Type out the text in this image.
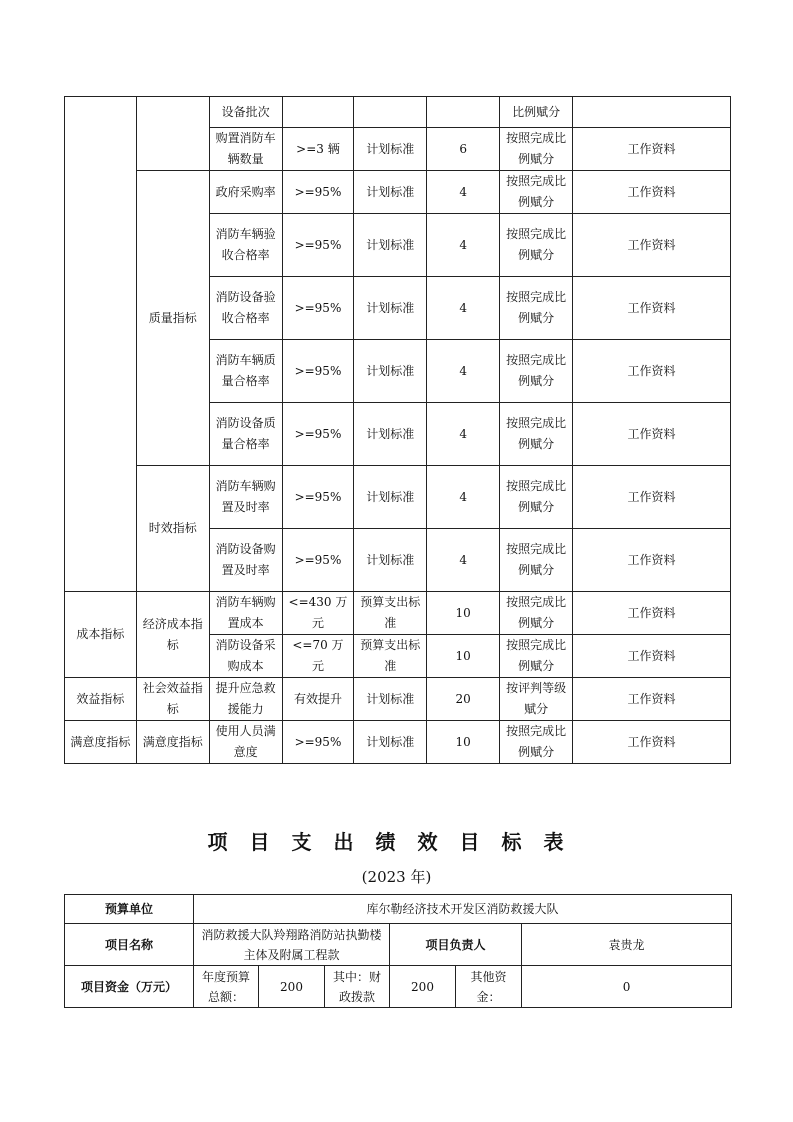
		设备批次				比例赋分	
		购置消防车辆数量	>=3 辆	计划标准	6	按照完成比例赋分	工作资料
	质量指标	政府采购率	>=95%	计划标准	4	按照完成比例赋分	工作资料
		消防车辆验收合格率	>=95%	计划标准	4	按照完成比例赋分	工作资料
		消防设备验收合格率	>=95%	计划标准	4	按照完成比例赋分	工作资料
		消防车辆质量合格率	>=95%	计划标准	4	按照完成比例赋分	工作资料
		消防设备质量合格率	>=95%	计划标准	4	按照完成比例赋分	工作资料
	时效指标	消防车辆购置及时率	>=95%	计划标准	4	按照完成比例赋分	工作资料
		消防设备购置及时率	>=95%	计划标准	4	按照完成比例赋分	工作资料
成本指标	经济成本指标	消防车辆购置成本	<=430 万元	预算支出标准	10	按照完成比例赋分	工作资料
		消防设备采购成本	<=70 万元	预算支出标准	10	按照完成比例赋分	工作资料
效益指标	社会效益指标	提升应急救援能力	有效提升	计划标准	20	按评判等级赋分	工作资料
满意度指标	满意度指标	使用人员满意度	>=95%	计划标准	10	按照完成比例赋分	工作资料
项目支出绩效目标表
(2023 年)
预算单位	库尔勒经济技术开发区消防救援大队					
项目名称	消防救援大队羚翔路消防站执勤楼主体及附属工程款			项目负责人		袁贵龙
项目资金（万元）	年度预算总额：	200	其中：财政拨款	200	其他资金：	0
